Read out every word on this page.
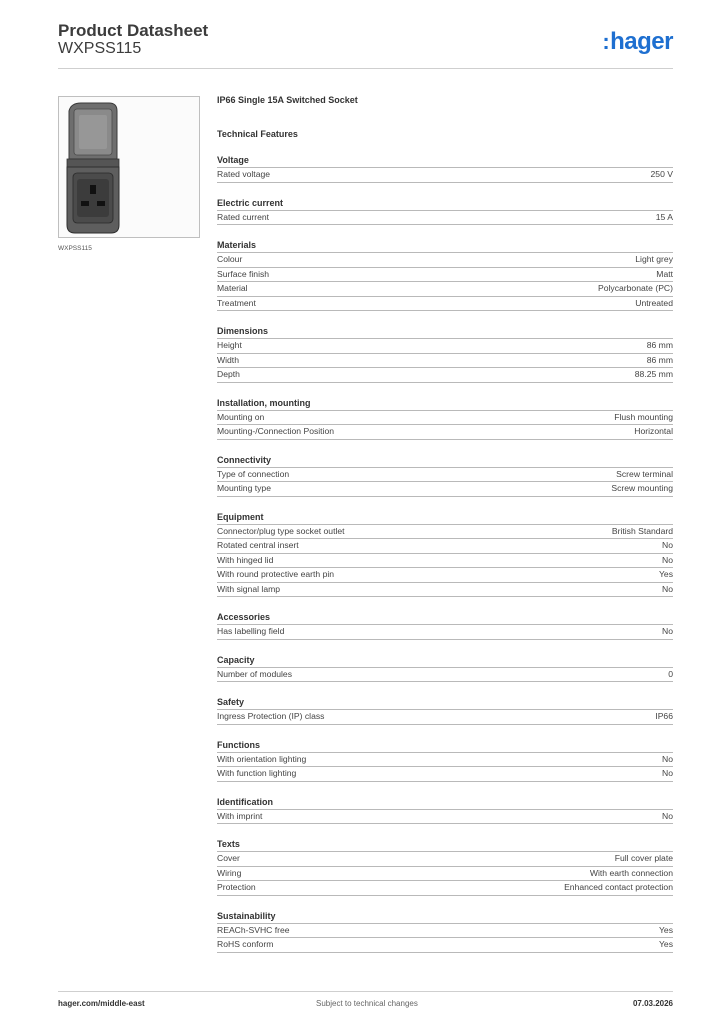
Product Datasheet
WXPSS115	:hager
WXPSS115
IP66 Single 15A Switched Socket
Technical Features
Voltage
Rated voltage	250 V
Electric current
Rated current	15 A
Materials
Colour	Light grey
Surface finish	Matt
Material	Polycarbonate (PC)
Treatment	Untreated
Dimensions
Height	86 mm
Width	86 mm
Depth	88.25 mm
Installation, mounting
Mounting on	Flush mounting
Mounting-/Connection Position	Horizontal
Connectivity
Type of connection	Screw terminal
Mounting type	Screw mounting
Equipment
Connector/plug type socket outlet	British Standard
Rotated central insert	No
With hinged lid	No
With round protective earth pin	Yes
With signal lamp	No
Accessories
Has labelling field	No
Capacity
Number of modules	0
Safety
Ingress Protection (IP) class	IP66
Functions
With orientation lighting	No
With function lighting	No
Identification
With imprint	No
Texts
Cover	Full cover plate
Wiring	With earth connection
Protection	Enhanced contact protection
Sustainability
REACh-SVHC free	Yes
RoHS conform	Yes
hager.com/middle-east	Subject to technical changes	07.03.2026
